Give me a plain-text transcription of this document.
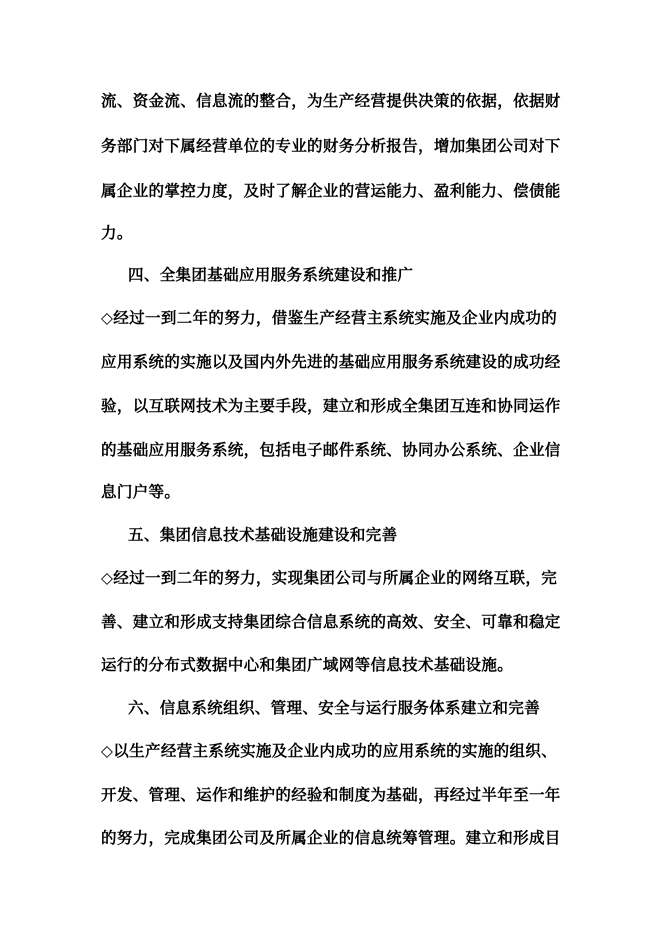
流、资金流、信息流的整合，为生产经营提供决策的依据，依据财
务部门对下属经营单位的专业的财务分析报告，增加集团公司对下
属企业的掌控力度，及时了解企业的营运能力、盈利能力、偿债能
力。
四、全集团基础应用服务系统建设和推广
◇经过一到二年的努力，借鉴生产经营主系统实施及企业内成功的
应用系统的实施以及国内外先进的基础应用服务系统建设的成功经
验，以互联网技术为主要手段，建立和形成全集团互连和协同运作
的基础应用服务系统，包括电子邮件系统、协同办公系统、企业信
息门户等。
五、集团信息技术基础设施建设和完善
◇经过一到二年的努力，实现集团公司与所属企业的网络互联，完
善、建立和形成支持集团综合信息系统的高效、安全、可靠和稳定
运行的分布式数据中心和集团广域网等信息技术基础设施。
六、信息系统组织、管理、安全与运行服务体系建立和完善
◇以生产经营主系统实施及企业内成功的应用系统的实施的组织、
开发、管理、运作和维护的经验和制度为基础，再经过半年至一年
的努力，完成集团公司及所属企业的信息统筹管理。建立和形成目
